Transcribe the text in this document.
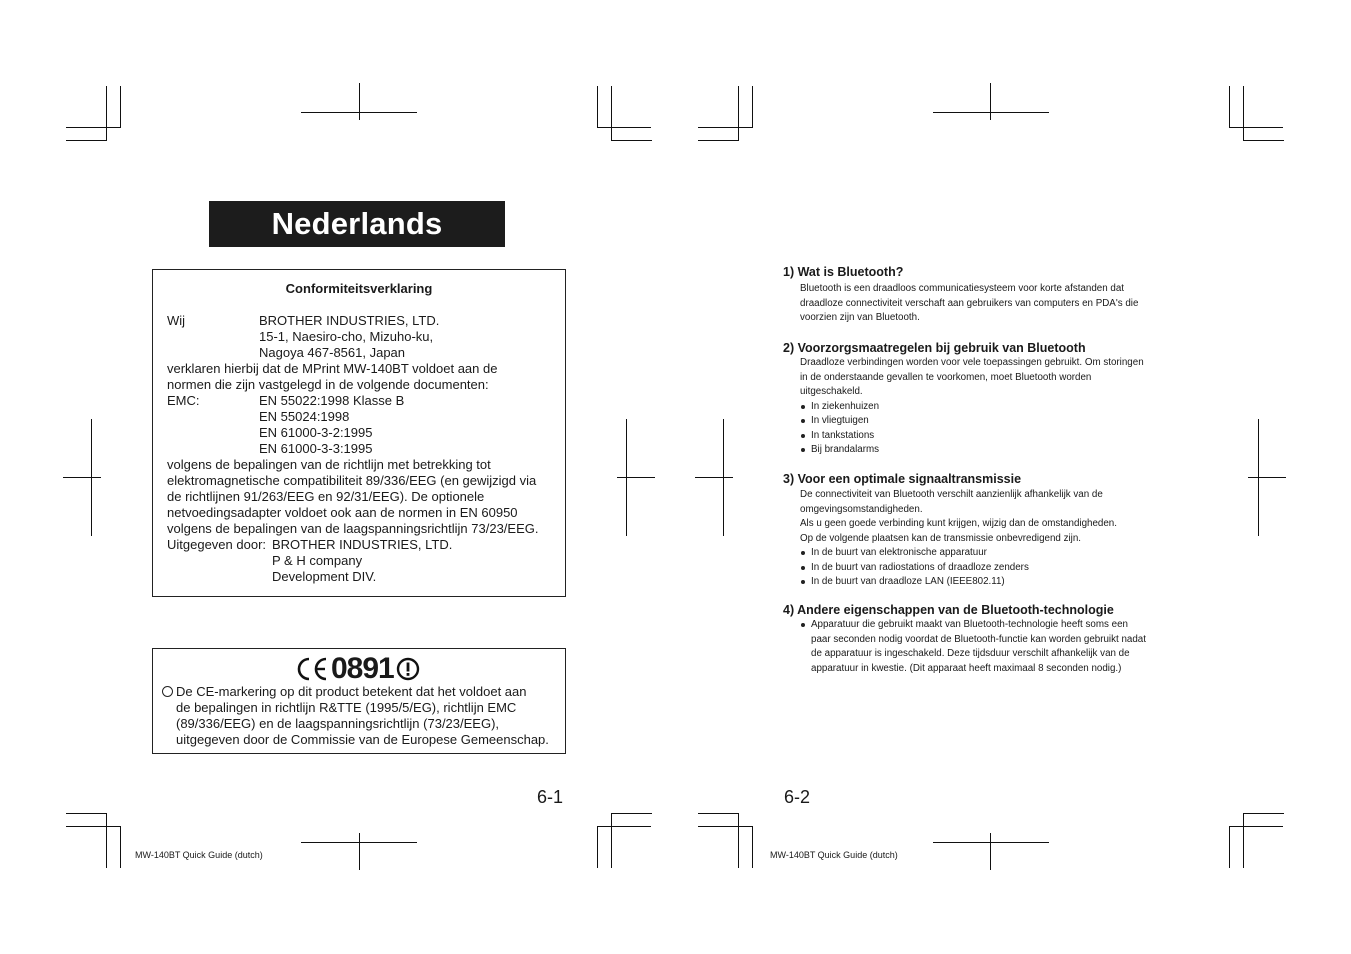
Nederlands
Conformiteitsverklaring
Wij	BROTHER INDUSTRIES, LTD.
15-1, Naesiro-cho, Mizuho-ku,
Nagoya 467-8561, Japan
verklaren hierbij dat de MPrint MW-140BT voldoet aan de
normen die zijn vastgelegd in de volgende documenten:
EMC:	EN 55022:1998 Klasse B
EN 55024:1998
EN 61000-3-2:1995
EN 61000-3-3:1995
volgens de bepalingen van de richtlijn met betrekking tot
elektromagnetische compatibiliteit 89/336/EEG (en gewijzigd via
de richtlijnen 91/263/EEG en 92/31/EEG). De optionele
netvoedingsadapter voldoet ook aan de normen in EN 60950
volgens de bepalingen van de laagspanningsrichtlijn 73/23/EEG.
Uitgegeven door: BROTHER INDUSTRIES, LTD.
P & H company
Development DIV.
0891
De CE-markering op dit product betekent dat het voldoet aan
de bepalingen in richtlijn R&TTE (1995/5/EG), richtlijn EMC
(89/336/EEG) en de laagspanningsrichtlijn (73/23/EEG),
uitgegeven door de Commissie van de Europese Gemeenschap.
6-1
MW-140BT Quick Guide (dutch)
1) Wat is Bluetooth?
Bluetooth is een draadloos communicatiesysteem voor korte afstanden dat
draadloze connectiviteit verschaft aan gebruikers van computers en PDA's die
voorzien zijn van Bluetooth.
2) Voorzorgsmaatregelen bij gebruik van Bluetooth
Draadloze verbindingen worden voor vele toepassingen gebruikt. Om storingen
in de onderstaande gevallen te voorkomen, moet Bluetooth worden
uitgeschakeld.
In ziekenhuizen
In vliegtuigen
In tankstations
Bij brandalarms
3) Voor een optimale signaaltransmissie
De connectiviteit van Bluetooth verschilt aanzienlijk afhankelijk van de
omgevingsomstandigheden.
Als u geen goede verbinding kunt krijgen, wijzig dan de omstandigheden.
Op de volgende plaatsen kan de transmissie onbevredigend zijn.
In de buurt van elektronische apparatuur
In de buurt van radiostations of draadloze zenders
In de buurt van draadloze LAN (IEEE802.11)
4) Andere eigenschappen van de Bluetooth-technologie
Apparatuur die gebruikt maakt van Bluetooth-technologie heeft soms een
paar seconden nodig voordat de Bluetooth-functie kan worden gebruikt nadat
de apparatuur is ingeschakeld. Deze tijdsduur verschilt afhankelijk van de
apparatuur in kwestie. (Dit apparaat heeft maximaal 8 seconden nodig.)
6-2
MW-140BT Quick Guide (dutch)
